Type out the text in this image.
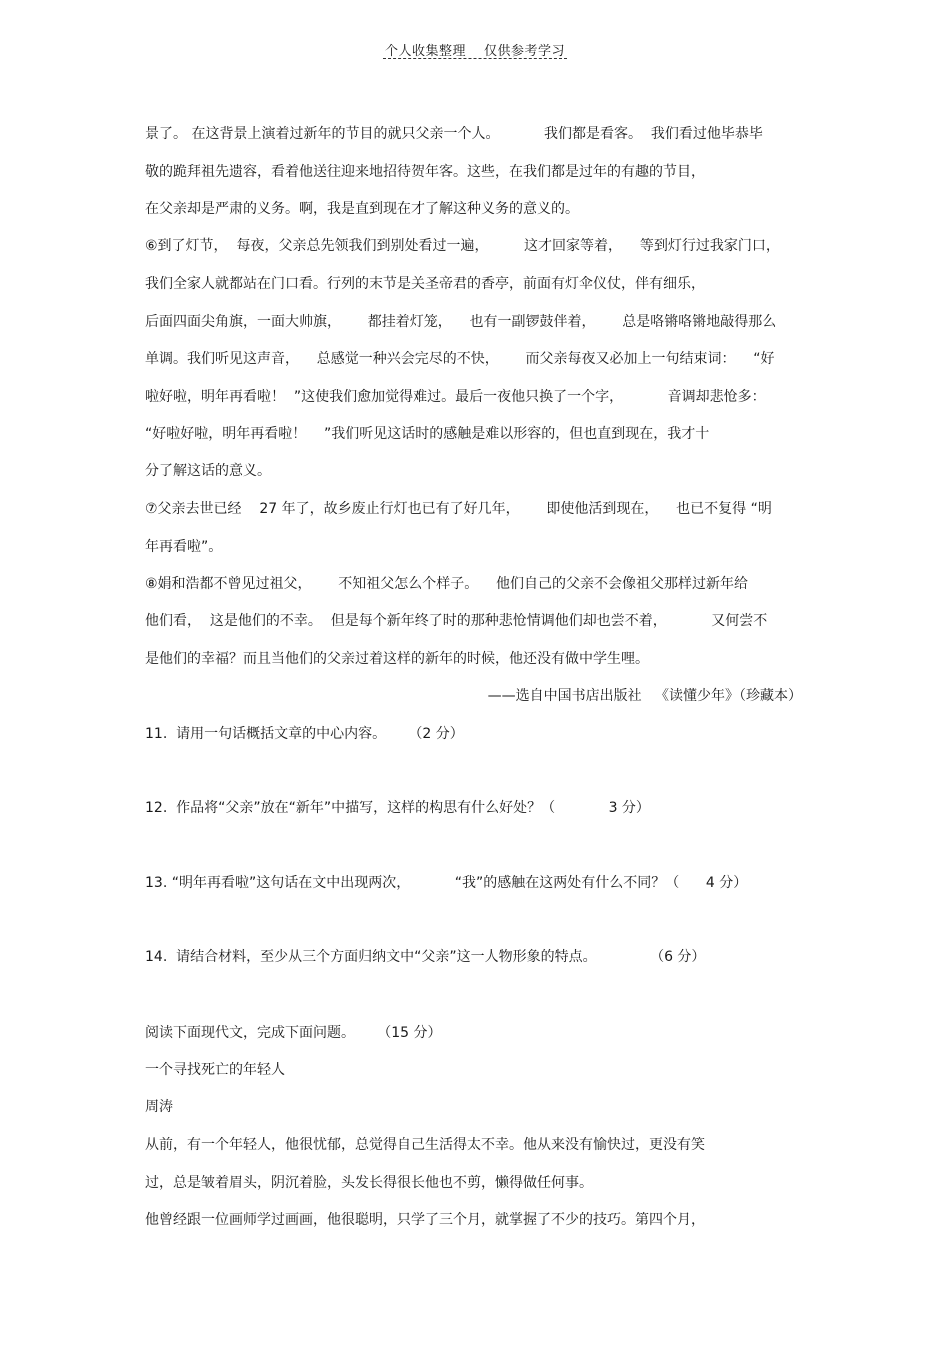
个人收集整理 仅供参考学习
景了。 在这背景上演着过新年的节目的就只父亲一个人。          我们都是看客。  我们看过他毕恭毕
敬的跪拜祖先遗容，看着他送往迎来地招待贺年客。这些，在我们都是过年的有趣的节目，
在父亲却是严肃的义务。啊，我是直到现在才了解这种义务的意义的。
⑥到了灯节，  每夜，父亲总先领我们到别处看过一遍，        这才回家等着，    等到灯行过我家门口，
我们全家人就都站在门口看。行列的末节是关圣帝君的香亭，前面有灯伞仪仗，伴有细乐，
后面四面尖角旗，一面大帅旗，      都挂着灯笼，    也有一副锣鼓伴着，      总是咯锵咯锵地敲得那么
单调。我们听见这声音，    总感觉一种兴会完尽的不快，      而父亲每夜又必加上一句结束词：    “好
啦好啦，明年再看啦！  ”这使我们愈加觉得难过。最后一夜他只换了一个字，          音调却悲怆多：
“好啦好啦，明年再看啦！    ”我们听见这话时的感触是难以形容的，但也直到现在，我才十
分了解这话的意义。
⑦父亲去世已经    27 年了，故乡废止行灯也已有了好几年，      即使他活到现在，    也已不复得 “明
年再看啦”。
⑧娟和浩都不曾见过祖父，      不知祖父怎么个样子。    他们自己的父亲不会像祖父那样过新年给
他们看，  这是他们的不幸。  但是每个新年终了时的那种悲怆情调他们却也尝不着，          又何尝不
是他们的幸福？而且当他们的父亲过着这样的新年的时候，他还没有做中学生哩。
——选自中国书店出版社   《读懂少年》（珍藏本）
11.  请用一句话概括文章的中心内容。     （2 分）
12.  作品将“父亲”放在“新年”中描写，这样的构思有什么好处？（            3 分）
13. “明年再看啦”这句话在文中出现两次，          “我”的感触在这两处有什么不同？（      4 分）
14.  请结合材料，至少从三个方面归纳文中“父亲”这一人物形象的特点。            （6 分）
阅读下面现代文，完成下面问题。     （15 分）
一个寻找死亡的年轻人
周涛
从前，有一个年轻人，他很忧郁，总觉得自己生活得太不幸。他从来没有愉快过，更没有笑
过，总是皱着眉头，阴沉着脸，头发长得很长他也不剪，懒得做任何事。
他曾经跟一位画师学过画画，他很聪明，只学了三个月，就掌握了不少的技巧。第四个月，
